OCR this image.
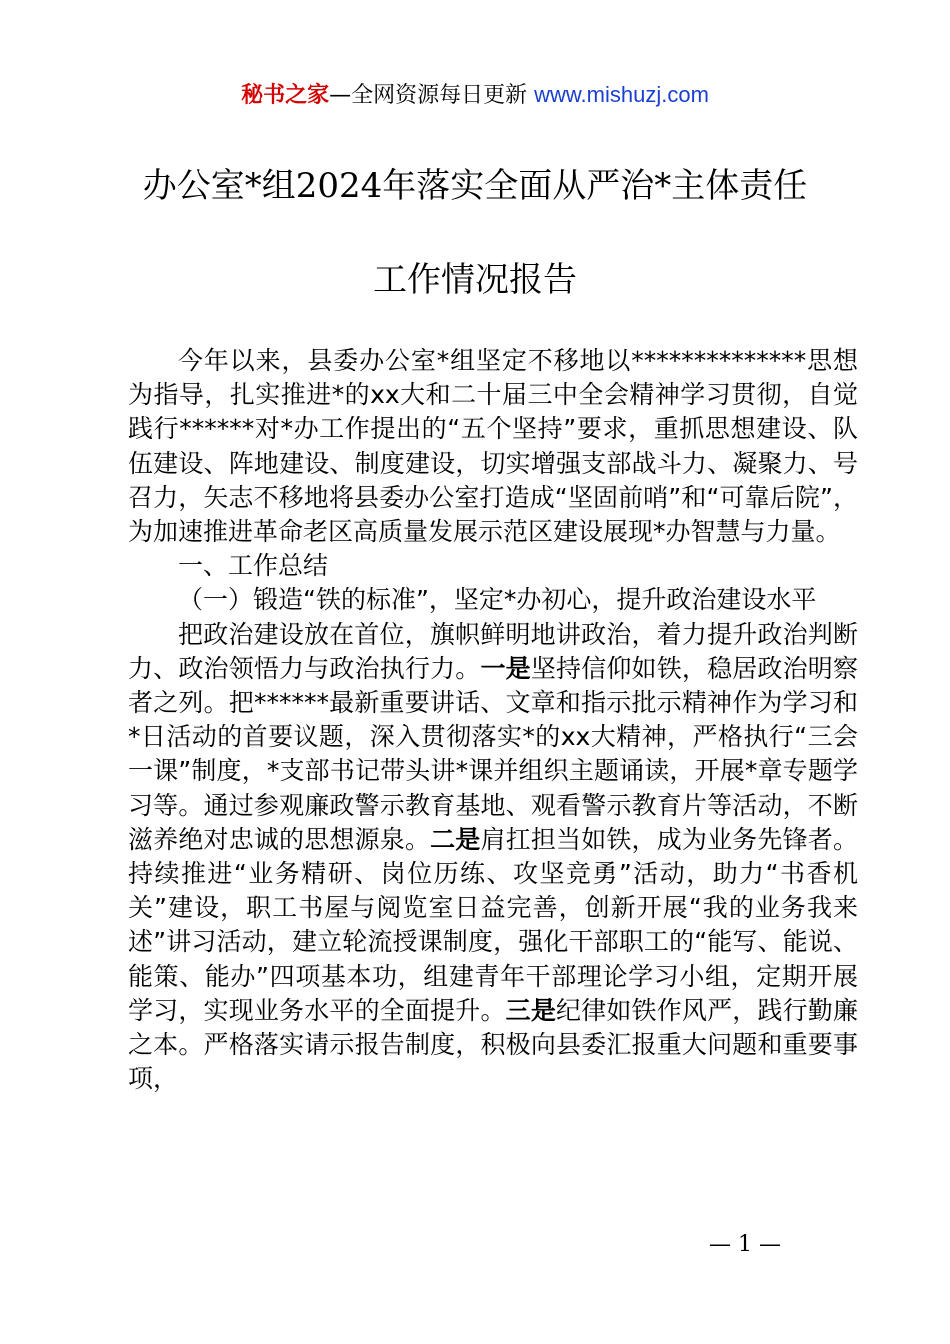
秘书之家—全网资源每日更新 www.mishuzj.com
办公室*组2024年落实全面从严治*主体责任
工作情况报告

今年以来，县委办公室*组坚定不移地以**************思想为指导，扎实推进*的xx大和二十届三中全会精神学习贯彻，自觉践行******对*办工作提出的“五个坚持”要求，重抓思想建设、队伍建设、阵地建设、制度建设，切实增强支部战斗力、凝聚力、号召力，矢志不移地将县委办公室打造成“坚固前哨”和“可靠后院”，为加速推进革命老区高质量发展示范区建设展现*办智慧与力量。

一、工作总结

（一）锻造“铁的标准”，坚定*办初心，提升政治建设水平

把政治建设放在首位，旗帜鲜明地讲政治，着力提升政治判断力、政治领悟力与政治执行力。一是坚持信仰如铁，稳居政治明察者之列。把******最新重要讲话、文章和指示批示精神作为学习和*日活动的首要议题，深入贯彻落实*的xx大精神，严格执行“三会一课”制度，*支部书记带头讲*课并组织主题诵读，开展*章专题学习等。通过参观廉政警示教育基地、观看警示教育片等活动，不断滋养绝对忠诚的思想源泉。二是肩扛担当如铁，成为业务先锋者。持续推进“业务精研、岗位历练、攻坚竞勇”活动，助力“书香机关”建设，职工书屋与阅览室日益完善，创新开展“我的业务我来述”讲习活动，建立轮流授课制度，强化干部职工的“能写、能说、能策、能办”四项基本功，组建青年干部理论学习小组，定期开展学习，实现业务水平的全面提升。三是纪律如铁作风严，践行勤廉之本。严格落实请示报告制度，积极向县委汇报重大问题和重要事项，

— 1 —
